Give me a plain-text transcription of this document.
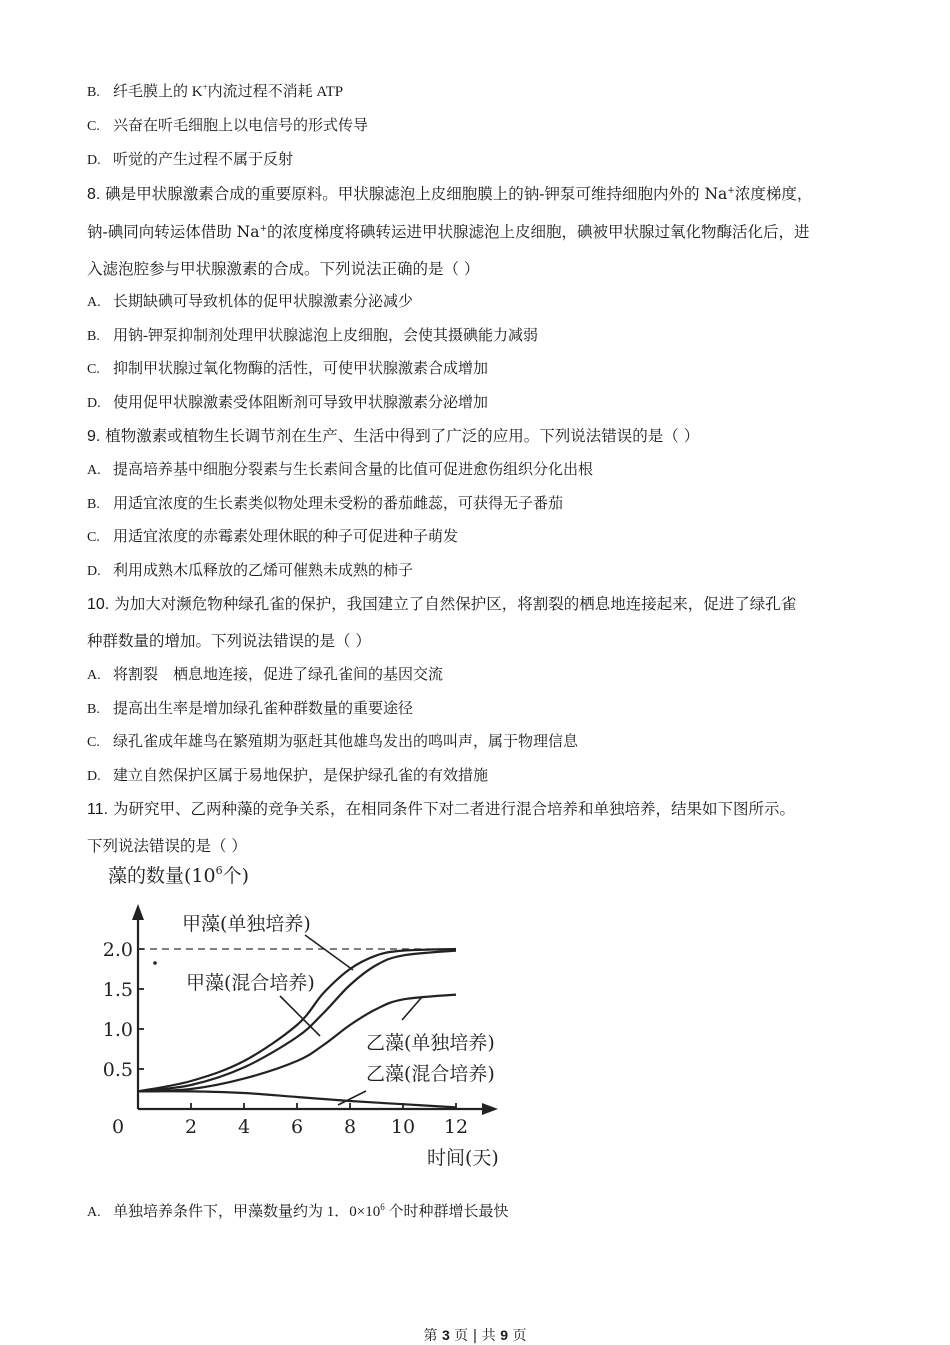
B. 纤毛膜上的 K+内流过程不消耗 ATP
C. 兴奋在听毛细胞上以电信号的形式传导
D. 听觉的产生过程不属于反射
8. 碘是甲状腺激素合成的重要原料。甲状腺滤泡上皮细胞膜上的钠-钾泵可维持细胞内外的 Na+浓度梯度，
钠-碘同向转运体借助 Na+的浓度梯度将碘转运进甲状腺滤泡上皮细胞，碘被甲状腺过氧化物酶活化后，进
入滤泡腔参与甲状腺激素的合成。下列说法正确的是（ ）
A. 长期缺碘可导致机体的促甲状腺激素分泌减少
B. 用钠-钾泵抑制剂处理甲状腺滤泡上皮细胞，会使其摄碘能力减弱
C. 抑制甲状腺过氧化物酶的活性，可使甲状腺激素合成增加
D. 使用促甲状腺激素受体阻断剂可导致甲状腺激素分泌增加
9. 植物激素或植物生长调节剂在生产、生活中得到了广泛的应用。下列说法错误的是（ ）
A. 提高培养基中细胞分裂素与生长素间含量的比值可促进愈伤组织分化出根
B. 用适宜浓度的生长素类似物处理未受粉的番茄雌蕊，可获得无子番茄
C. 用适宜浓度的赤霉素处理休眠的种子可促进种子萌发
D. 利用成熟木瓜释放的乙烯可催熟未成熟的柿子
10. 为加大对濒危物种绿孔雀的保护，我国建立了自然保护区，将割裂的栖息地连接起来，促进了绿孔雀
种群数量的增加。下列说法错误的是（ ）
A. 将割裂    栖息地连接，促进了绿孔雀间的基因交流
B. 提高出生率是增加绿孔雀种群数量的重要途径
C. 绿孔雀成年雄鸟在繁殖期为驱赶其他雄鸟发出的鸣叫声，属于物理信息
D. 建立自然保护区属于易地保护，是保护绿孔雀的有效措施
11. 为研究甲、乙两种藻的竞争关系，在相同条件下对二者进行混合培养和单独培养，结果如下图所示。
下列说法错误的是（ ）
藻的数量($10^6$个)
0.5
1.0
1.5
2.0
0	2 4 6 8 10 12
时间(天)
甲藻(单独培养)
甲藻(混合培养)
乙藻(单独培养)
乙藻(混合培养)
A. 单独培养条件下，甲藻数量约为 1．$0\times 10^6$ 个时种群增长最快
第 3 页 | 共 9 页
